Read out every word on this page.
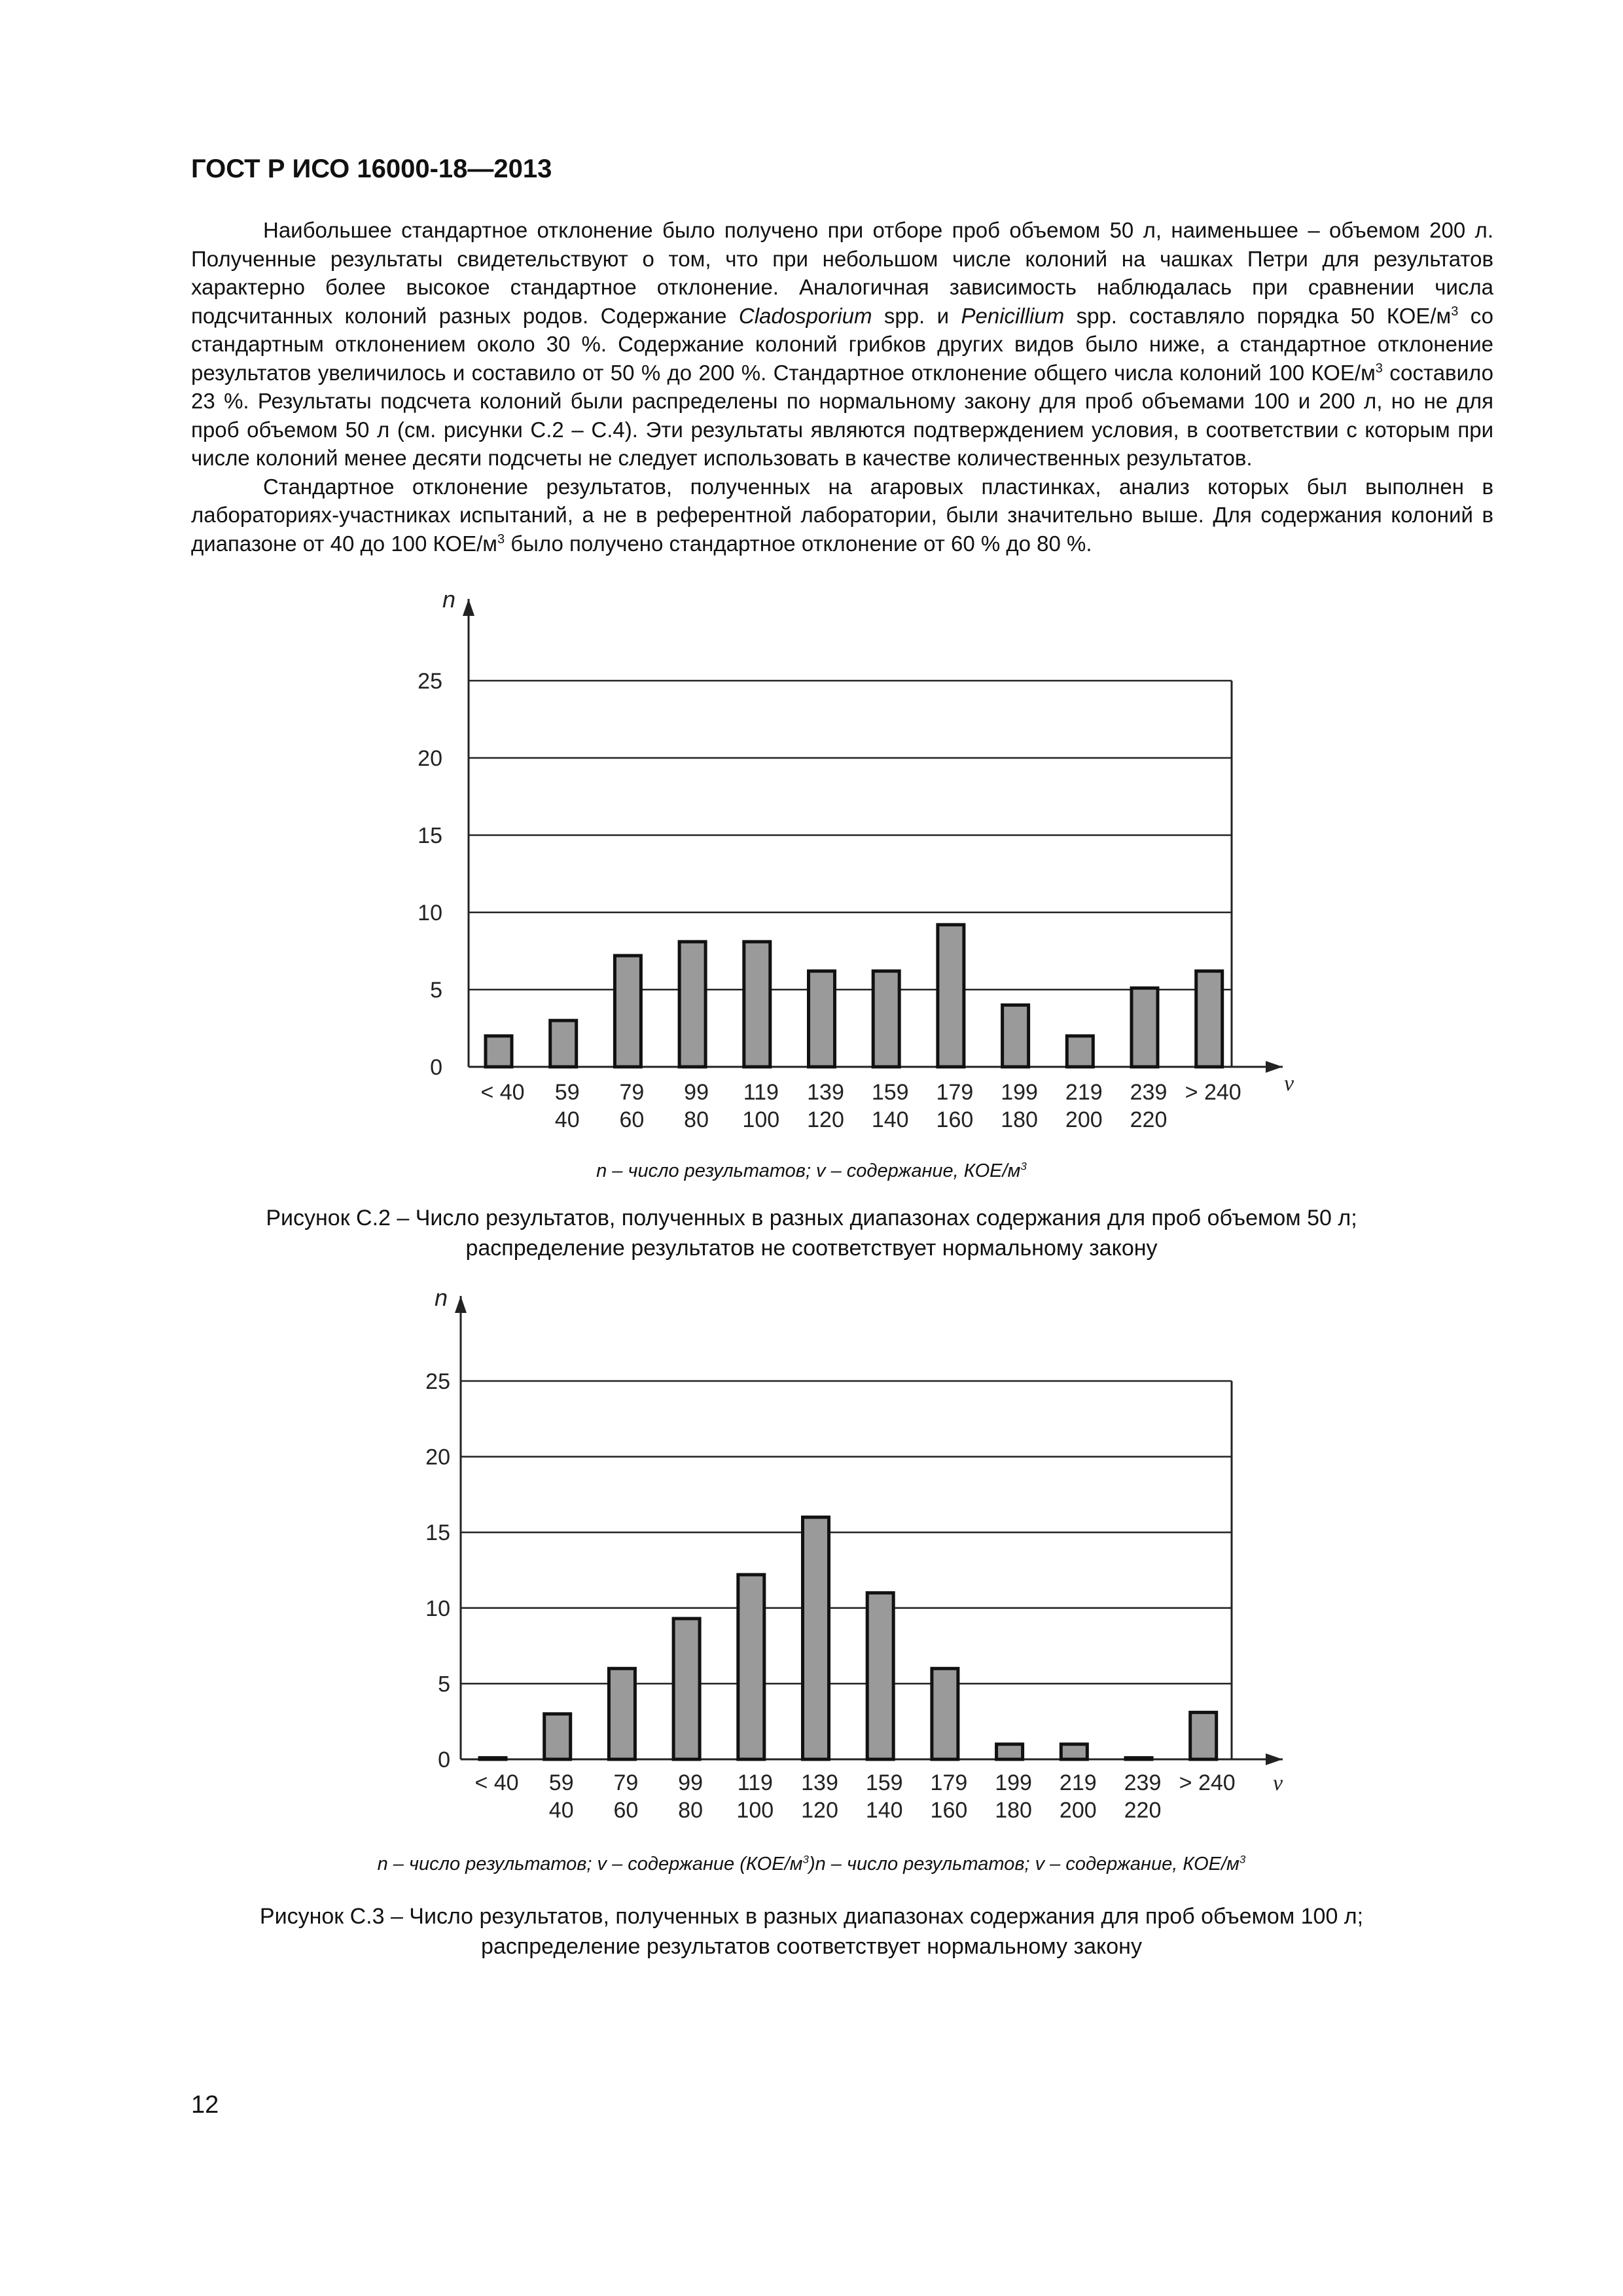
ГОСТ Р ИСО 16000-18—2013

Наибольшее стандартное отклонение было получено при отборе проб объемом 50 л, наименьшее – объемом 200 л. Полученные результаты свидетельствуют о том, что при небольшом числе колоний на чашках Петри для результатов характерно более высокое стандартное отклонение. Аналогичная зависимость наблюдалась при сравнении числа подсчитанных колоний разных родов. Содержание Cladosporium spp. и Penicillium spp. составляло порядка 50 КОЕ/$м^3$ со стандартным отклонением около 30 %. Содержание колоний грибков других видов было ниже, а стандартное отклонение результатов увеличилось и составило от 50 % до 200 %. Стандартное отклонение общего числа колоний 100 КОЕ/$м^3$ составило 23 %. Результаты подсчета колоний были распределены по нормальному закону для проб объемами 100 и 200 л, но не для проб объемом 50 л (см. рисунки С.2 – С.4). Эти результаты являются подтверждением условия, в соответствии с которым при числе колоний менее десяти подсчеты не следует использовать в качестве количественных результатов.

Стандартное отклонение результатов, полученных на агаровых пластинках, анализ которых был выполнен в лабораториях-участниках испытаний, а не в референтной лаборатории, были значительно выше. Для содержания колоний в диапазоне от 40 до 100 КОЕ/$м^3$ было получено стандартное отклонение от 60 % до 80 %.

0
5
10
15
20
25
< 40 59
40
79
60
99
80
119
100
139
120
159
140
179
160
199
180
219
200
239
220
> 240
n
v
n – число результатов; v – содержание, КОЕ/$м^3$
Рисунок С.2 – Число результатов, полученных в разных диапазонах содержания для проб объемом 50 л;
распределение результатов не соответствует нормальному закону
0
5
10
15
20
25
< 40 59
40
79
60
99
80
119
100
139
120
159
140
179
160
199
180
219
200
239
220
> 240
n
v
n – число результатов; v – содержание $(КОЕ/м^3)n$ – число результатов; v – содержание, КОЕ/$м^3$
Рисунок С.3 – Число результатов, полученных в разных диапазонах содержания для проб объемом 100 л;
распределение результатов соответствует нормальному закону
12
